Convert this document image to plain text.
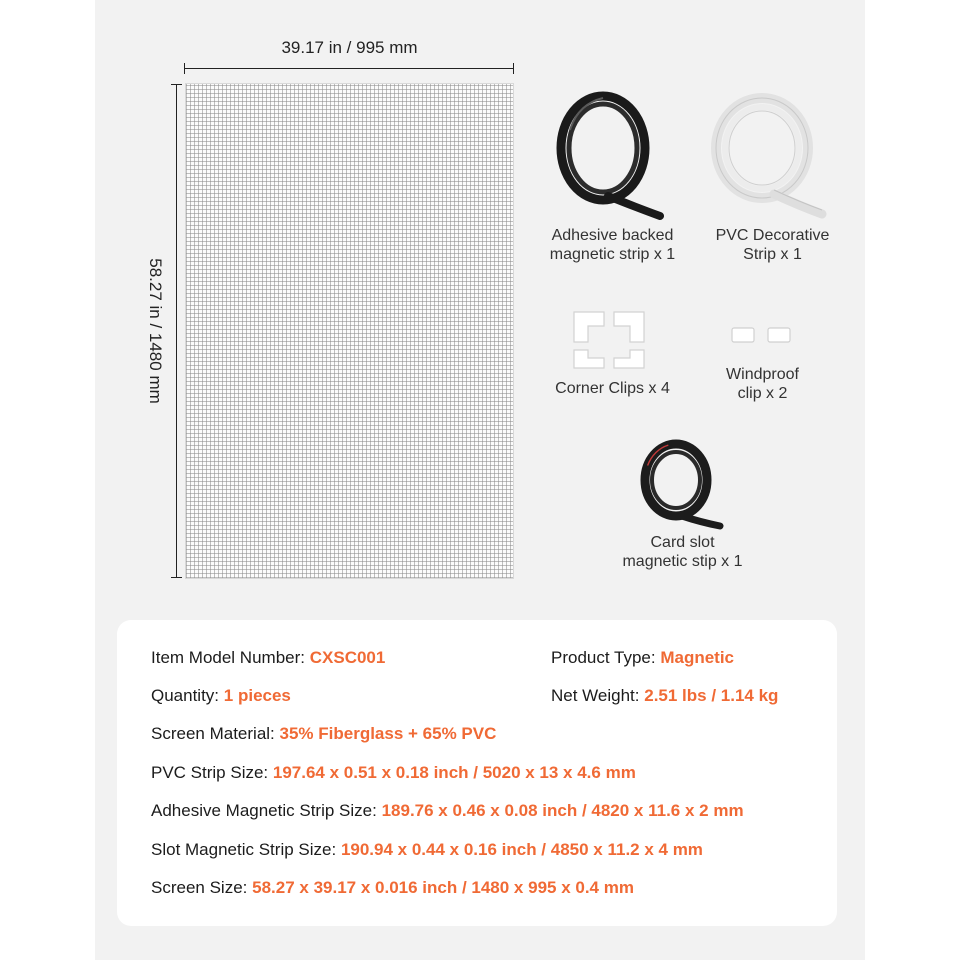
39.17 in / 995 mm
58.27 in / 1480 mm
Adhesive backed
magnetic strip x 1
PVC Decorative
Strip x 1
Corner Clips x 4
Windproof
clip x 2
Card slot
magnetic stip x 1
Item Model Number: CXSC001	Product Type: Magnetic
Quantity: 1 pieces	Net Weight: 2.51 lbs / 1.14 kg
Screen Material: 35% Fiberglass + 65% PVC
PVC Strip Size: 197.64 x 0.51 x 0.18 inch / 5020 x 13 x 4.6 mm
Adhesive Magnetic Strip Size: 189.76 x 0.46 x 0.08 inch / 4820 x 11.6 x 2 mm
Slot Magnetic Strip Size: 190.94 x 0.44 x 0.16 inch / 4850 x 11.2 x 4 mm
Screen Size: 58.27 x 39.17 x 0.016 inch / 1480 x 995 x 0.4 mm
